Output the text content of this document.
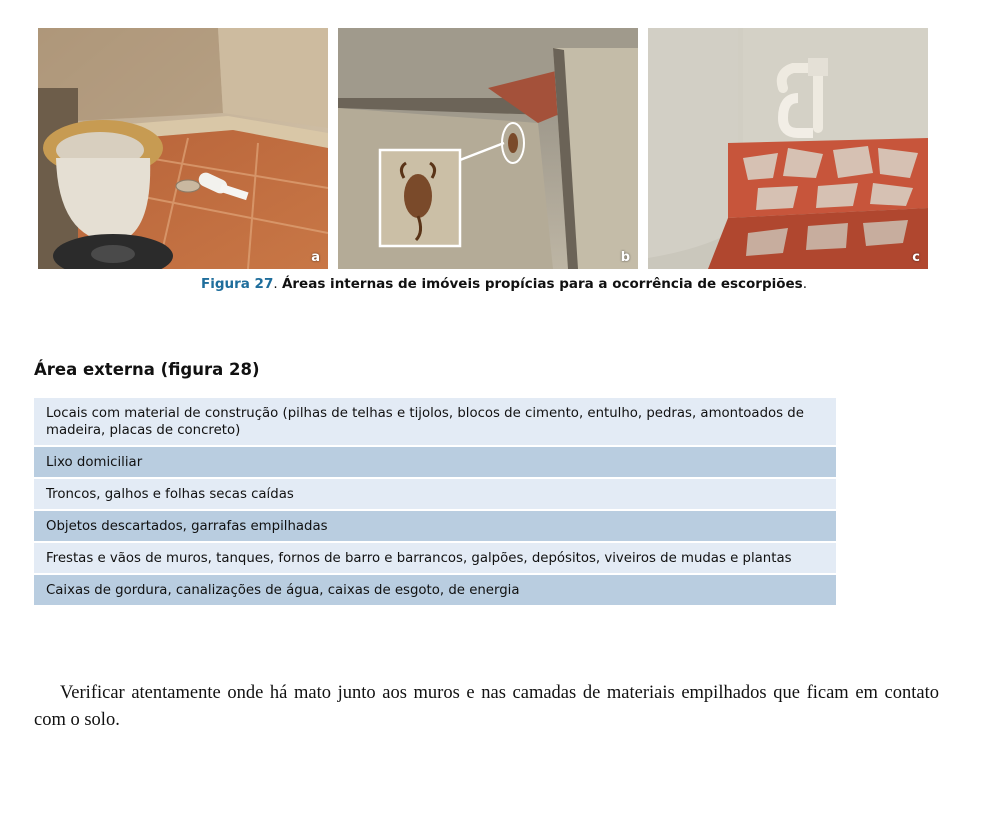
a	b	c
Figura 27. Áreas internas de imóveis propícias para a ocorrência de escorpiões.
Área externa (figura 28)
Locais com material de construção (pilhas de telhas e tijolos, blocos de cimento, entulho, pedras, amontoados de madeira, placas de concreto)
Lixo domiciliar
Troncos, galhos e folhas secas caídas
Objetos descartados, garrafas empilhadas
Frestas e vãos de muros, tanques, fornos de barro e barrancos, galpões, depósitos, viveiros de mudas e plantas
Caixas de gordura, canalizações de água, caixas de esgoto, de energia
Verificar atentamente onde há mato junto aos muros e nas camadas de materiais empilhados que ficam em contato com o solo.
